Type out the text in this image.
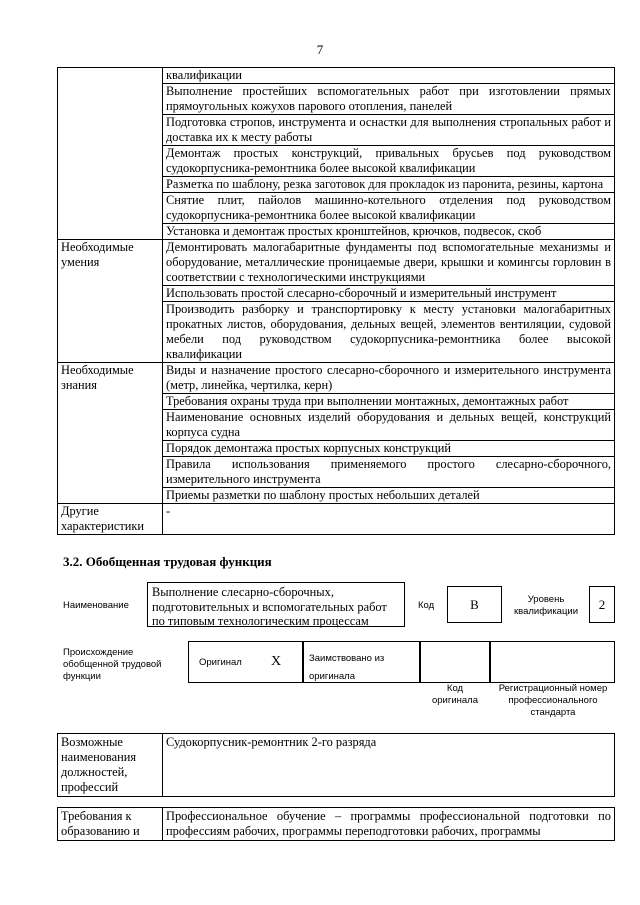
7
	квалификации
	Выполнение простейших вспомогательных работ при изготовлении прямых прямоугольных кожухов парового отопления, панелей
	Подготовка стропов, инструмента и оснастки для выполнения стропальных работ и доставка их к месту работы
	Демонтаж простых конструкций, привальных брусьев под руководством судокорпусника-ремонтника более высокой квалификации
	Разметка по шаблону, резка заготовок для прокладок из паронита, резины, картона
	Снятие плит, пайолов машинно-котельного отделения под руководством судокорпусника-ремонтника более высокой квалификации
	Установка и демонтаж простых кронштейнов, крючков, подвесок, скоб
Необходимые умения	Демонтировать малогабаритные фундаменты под вспомогательные механизмы и оборудование, металлические проницаемые двери, крышки и комингсы горловин в соответствии с технологическими инструкциями
	Использовать простой слесарно-сборочный и измерительный инструмент
	Производить разборку и транспортировку к месту установки малогабаритных прокатных листов, оборудования, дельных вещей, элементов вентиляции, судовой мебели под руководством судокорпусника-ремонтника более высокой квалификации
Необходимые знания	Виды и назначение простого слесарно-сборочного и измерительного инструмента (метр, линейка, чертилка, керн)
	Требования охраны труда при выполнении монтажных, демонтажных работ
	Наименование основных изделий оборудования и дельных вещей, конструкций корпуса судна
	Порядок демонтажа простых корпусных конструкций
	Правила использования применяемого простого слесарно-сборочного, измерительного инструмента
	Приемы разметки по шаблону простых небольших деталей
Другие характеристики	-
3.2. Обобщенная трудовая функция
Наименование
Выполнение слесарно-сборочных, подготовительных и вспомогательных работ по типовым технологическим процессам
Код	В	Уровень квалификации	2
Происхождение обобщенной трудовой функции
Оригинал X	Заимствовано из оригинала
Код оригинала
Регистрационный номер профессионального стандарта
Возможные наименования должностей, профессий	Судокорпусник-ремонтник 2-го разряда
Требования к образованию и	Профессиональное обучение – программы профессиональной подготовки по профессиям рабочих, программы переподготовки рабочих, программы
